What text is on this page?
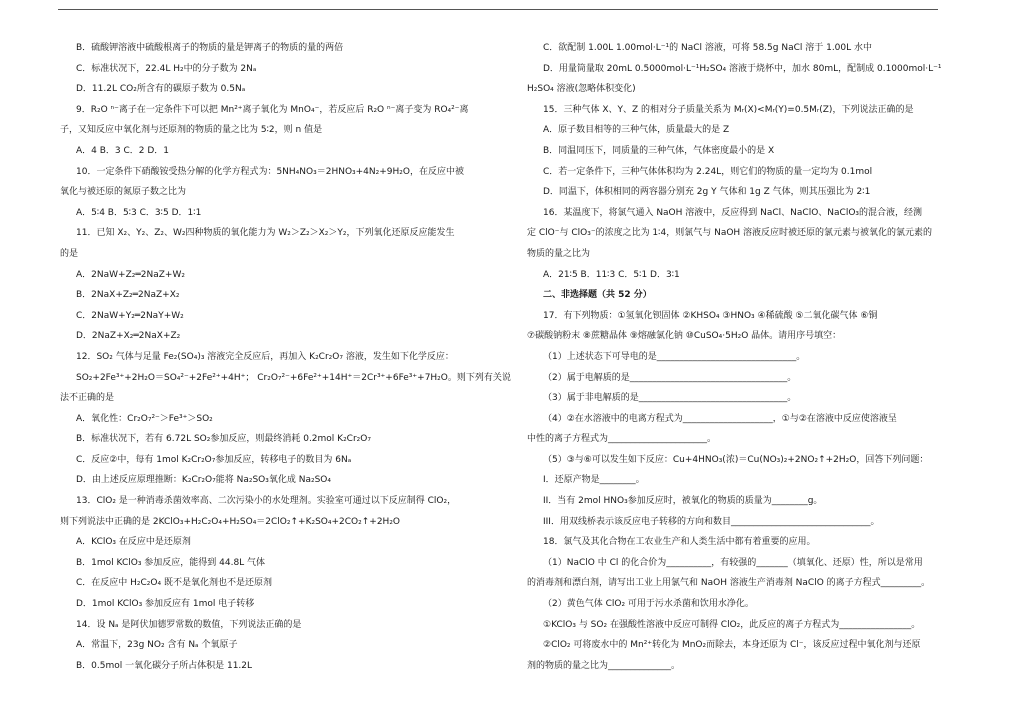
B．硫酸钾溶液中硫酸根离子的物质的量是钾离子的物质的量的两倍
C．标准状况下，22.4L H₂中的分子数为 2Nₐ
D．11.2L CO₂所含有的碳原子数为 0.5Nₐ
9．R₂O ⁿ⁻离子在一定条件下可以把 Mn²⁺离子氧化为 MnO₄⁻，若反应后 R₂O ⁿ⁻离子变为 RO₄²⁻离
子，又知反应中氧化剂与还原剂的物质的量之比为 5∶2，则 n 值是
A．4 B．3 C．2 D．1
10．一定条件下硝酸铵受热分解的化学方程式为：5NH₄NO₃＝2HNO₃+4N₂+9H₂O，在反应中被
氧化与被还原的氮原子数之比为
A．5∶4 B．5∶3 C．3∶5 D．1∶1
11．已知 X₂、Y₂、Z₂、W₂四种物质的氧化能力为 W₂＞Z₂＞X₂＞Y₂，下列氧化还原反应能发生
的是
A．2NaW+Z₂═2NaZ+W₂
B．2NaX+Z₂═2NaZ+X₂
C．2NaW+Y₂═2NaY+W₂
D．2NaZ+X₂═2NaX+Z₂
12．SO₂ 气体与足量 Fe₂(SO₄)₃ 溶液完全反应后，再加入 K₂Cr₂O₇ 溶液，发生如下化学反应：
SO₂+2Fe³⁺+2H₂O＝SO₄²⁻+2Fe²⁺+4H⁺； Cr₂O₇²⁻+6Fe²⁺+14H⁺＝2Cr³⁺+6Fe³⁺+7H₂O。则下列有关说
法不正确的是
A．氧化性：Cr₂O₇²⁻＞Fe³⁺＞SO₂
B．标准状况下，若有 6.72L SO₂参加反应，则最终消耗 0.2mol K₂Cr₂O₇
C．反应②中，每有 1mol K₂Cr₂O₇参加反应，转移电子的数目为 6Nₐ
D．由上述反应原理推断：K₂Cr₂O₇能将 Na₂SO₃氧化成 Na₂SO₄
13．ClO₂ 是一种消毒杀菌效率高、二次污染小的水处理剂。实验室可通过以下反应制得 ClO₂，
则下列说法中正确的是 2KClO₃+H₂C₂O₄+H₂SO₄＝2ClO₂↑+K₂SO₄+2CO₂↑+2H₂O
A．KClO₃ 在反应中是还原剂
B．1mol KClO₃ 参加反应，能得到 44.8L 气体
C．在反应中 H₂C₂O₄ 既不是氧化剂也不是还原剂
D．1mol KClO₃ 参加反应有 1mol 电子转移
14．设 Nₐ 是阿伏加德罗常数的数值，下列说法正确的是
A．常温下，23g NO₂ 含有 Nₐ 个氧原子
B．0.5mol 一氧化碳分子所占体积是 11.2L
C．欲配制 1.00L 1.00mol·L⁻¹的 NaCl 溶液，可将 58.5g NaCl 溶于 1.00L 水中
D．用量筒量取 20mL 0.5000mol·L⁻¹H₂SO₄ 溶液于烧杯中，加水 80mL，配制成 0.1000mol·L⁻¹
H₂SO₄ 溶液(忽略体积变化)
15．三种气体 X、Y、Z 的相对分子质量关系为 Mᵣ(X)<Mᵣ(Y)=0.5Mᵣ(Z)，下列说法正确的是
A．原子数目相等的三种气体，质量最大的是 Z
B．同温同压下，同质量的三种气体，气体密度最小的是 X
C．若一定条件下，三种气体体积均为 2.24L，则它们的物质的量一定均为 0.1mol
D．同温下，体积相同的两容器分别充 2g Y 气体和 1g Z 气体，则其压强比为 2∶1
16．某温度下，将氯气通入 NaOH 溶液中，反应得到 NaCl、NaClO、NaClO₃的混合液，经测
定 ClO⁻与 ClO₃⁻的浓度之比为 1∶4，则氯气与 NaOH 溶液反应时被还原的氯元素与被氧化的氯元素的
物质的量之比为
A．21∶5 B．11∶3 C．5∶1 D．3∶1
二、非选择题（共 52 分）
17．有下列物质：①氢氧化钡固体 ②KHSO₄ ③HNO₃ ④稀硫酸 ⑤二氧化碳气体 ⑥铜
⑦碳酸钠粉末 ⑧蔗糖晶体 ⑨熔融氯化钠 ⑩CuSO₄·5H₂O 晶体。请用序号填空：
（1）上述状态下可导电的是_______________________________。
（2）属于电解质的是___________________________________。
（3）属于非电解质的是_________________________________。
（4）②在水溶液中的电离方程式为____________________，①与②在溶液中反应使溶液呈
中性的离子方程式为______________________。
（5）③与⑥可以发生如下反应：Cu+4HNO₃(浓)＝Cu(NO₃)₂+2NO₂↑+2H₂O，回答下列问题：
I．还原产物是________。
II．当有 2mol HNO₃参加反应时，被氧化的物质的质量为________g。
III．用双线桥表示该反应电子转移的方向和数目_______________________________。
18．氯气及其化合物在工农业生产和人类生活中都有着重要的应用。
（1）NaClO 中 Cl 的化合价为__________，有较强的_______（填氧化、还原）性，所以是常用
的消毒剂和漂白剂，请写出工业上用氯气和 NaOH 溶液生产消毒剂 NaClO 的离子方程式_________。
（2）黄色气体 ClO₂ 可用于污水杀菌和饮用水净化。
①KClO₃ 与 SO₂ 在强酸性溶液中反应可制得 ClO₂，此反应的离子方程式为________________。
②ClO₂ 可将废水中的 Mn²⁺转化为 MnO₂而除去，本身还原为 Cl⁻，该反应过程中氧化剂与还原
剂的物质的量之比为______________。
